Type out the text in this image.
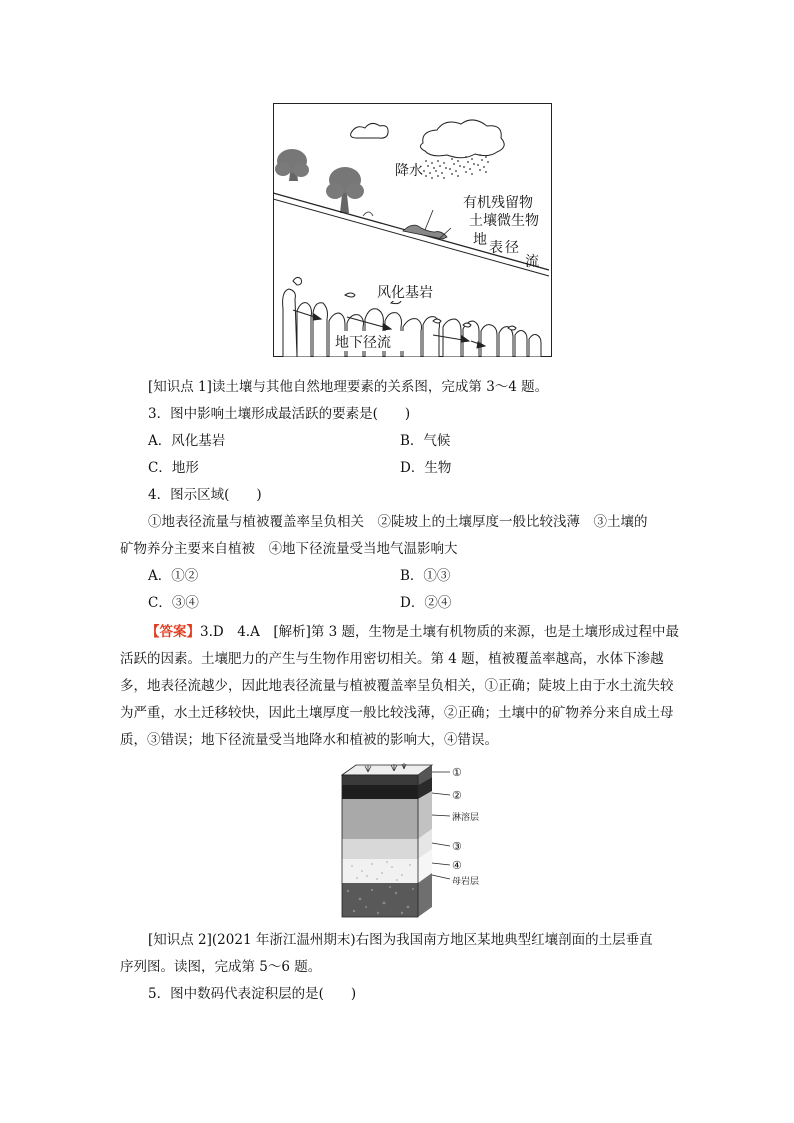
降水
有机残留物
土壤微生物
地 表 径
流
风化基岩
地下径流
[知识点 1]读土壤与其他自然地理要素的关系图，完成第 3～4 题。
3．图中影响土壤形成最活跃的要素是(　　)
A．风化基岩	B．气候
C．地形	D．生物
4．图示区域(　　)
①地表径流量与植被覆盖率呈负相关　②陡坡上的土壤厚度一般比较浅薄　③土壤的
矿物养分主要来自植被　④地下径流量受当地气温影响大
A．①②	B．①③
C．③④	D．②④
【答案】3.D　4.A　[解析]第 3 题，生物是土壤有机物质的来源，也是土壤形成过程中最活跃的因素。土壤肥力的产生与生物作用密切相关。第 4 题，植被覆盖率越高，水体下渗越多，地表径流越少，因此地表径流量与植被覆盖率呈负相关，①正确；陡坡上由于水土流失较为严重，水土迁移较快，因此土壤厚度一般比较浅薄，②正确；土壤中的矿物养分来自成土母质，③错误；地下径流量受当地降水和植被的影响大，④错误。
①
②
淋溶层
③
④
母岩层
[知识点 2](2021 年浙江温州期末)右图为我国南方地区某地典型红壤剖面的土层垂直
序列图。读图，完成第 5～6 题。
5．图中数码代表淀积层的是(　　)
